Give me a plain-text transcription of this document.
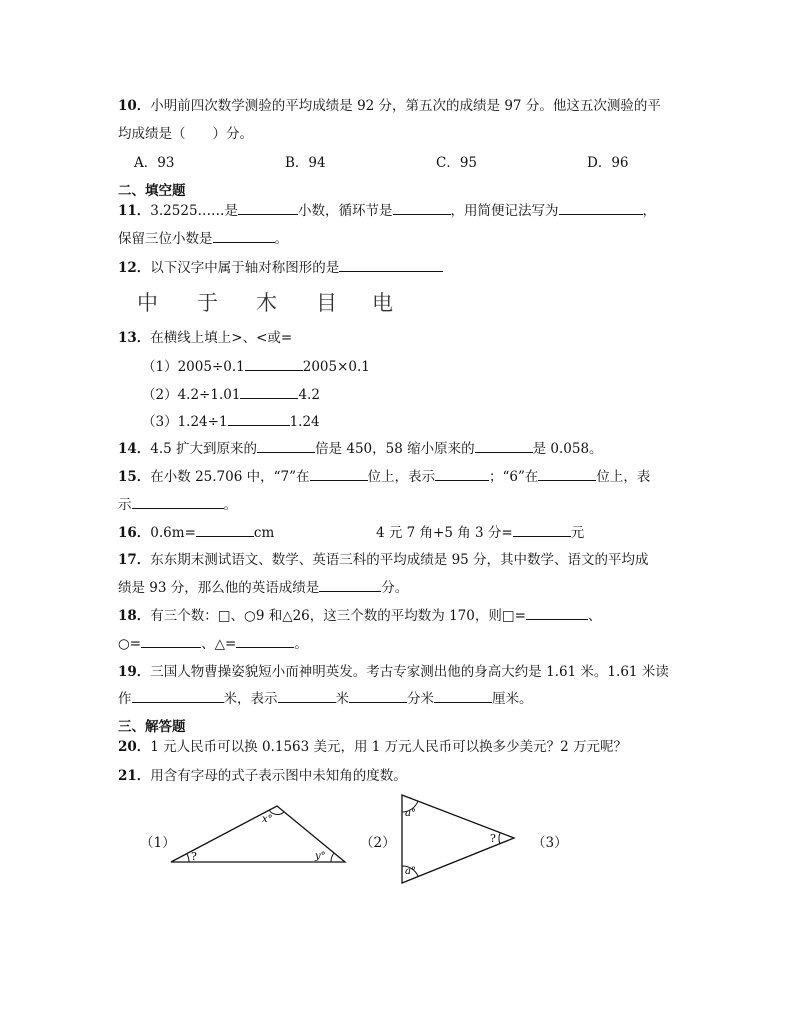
10．小明前四次数学测验的平均成绩是 92 分，第五次的成绩是 97 分。他这五次测验的平
均成绩是（　　）分。
A．93	B．94	C．95	D．96
二、填空题
11．3.2525……是	小数，循环节是	，用简便记法写为	，
保留三位小数是	。
12．以下汉字中属于轴对称图形的是
中 于 木 目 电
13．在横线上填上>、<或=
（1）2005÷0.1	2005×0.1
（2）4.2÷1.01	4.2
（3）1.24÷1	1.24
14．4.5 扩大到原来的	倍是 450，58 缩小原来的	是 0.058。
15．在小数 25.706 中，“7”在	位上，表示	；“6”在	位上，表
示	。
16．0.6m=	cm	4 元 7 角+5 角 3 分=	元
17．东东期末测试语文、数学、英语三科的平均成绩是 95 分，其中数学、语文的平均成
绩是 93 分，那么他的英语成绩是	分。
18．有三个数：□、○9 和△26，这三个数的平均数为 170，则□=	、
○=	、△=	。
19．三国人物曹操姿貌短小而神明英发。考古专家测出他的身高大约是 1.61 米。1.61 米读
作	米，表示	米	分米	厘米。
三、解答题
20．1 元人民币可以换 0.1563 美元，用 1 万元人民币可以换多少美元？2 万元呢？
21．用含有字母的式子表示图中未知角的度数。
（1）	（2）	（3）
x°
?	y°
a°
a°
?
